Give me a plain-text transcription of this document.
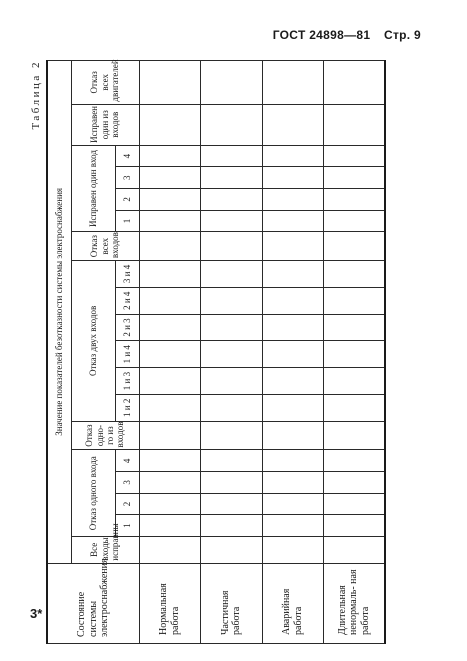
ГОСТ 24898—81 Стр. 9
Таблица 2
Состояние системы электроснабжения	Значение показателей безотказности системы электроснабжения																		
	Все входы исправны	Отказ одного входа				Отказ одно- го из входов	Отказ двух входов						Отказ всех входов	Исправен один вход				Исправен один из входов	Отказ всех двигателей
		1	2	3	4		1 и 2	1 и 3	1 и 4	2 и 3	2 и 4	3 и 4		1	2	3	4		
Нормальная работа																			
Частичная работа																			
Аварийная работа																			
Длительная ненормаль- ная работа																			
3*
